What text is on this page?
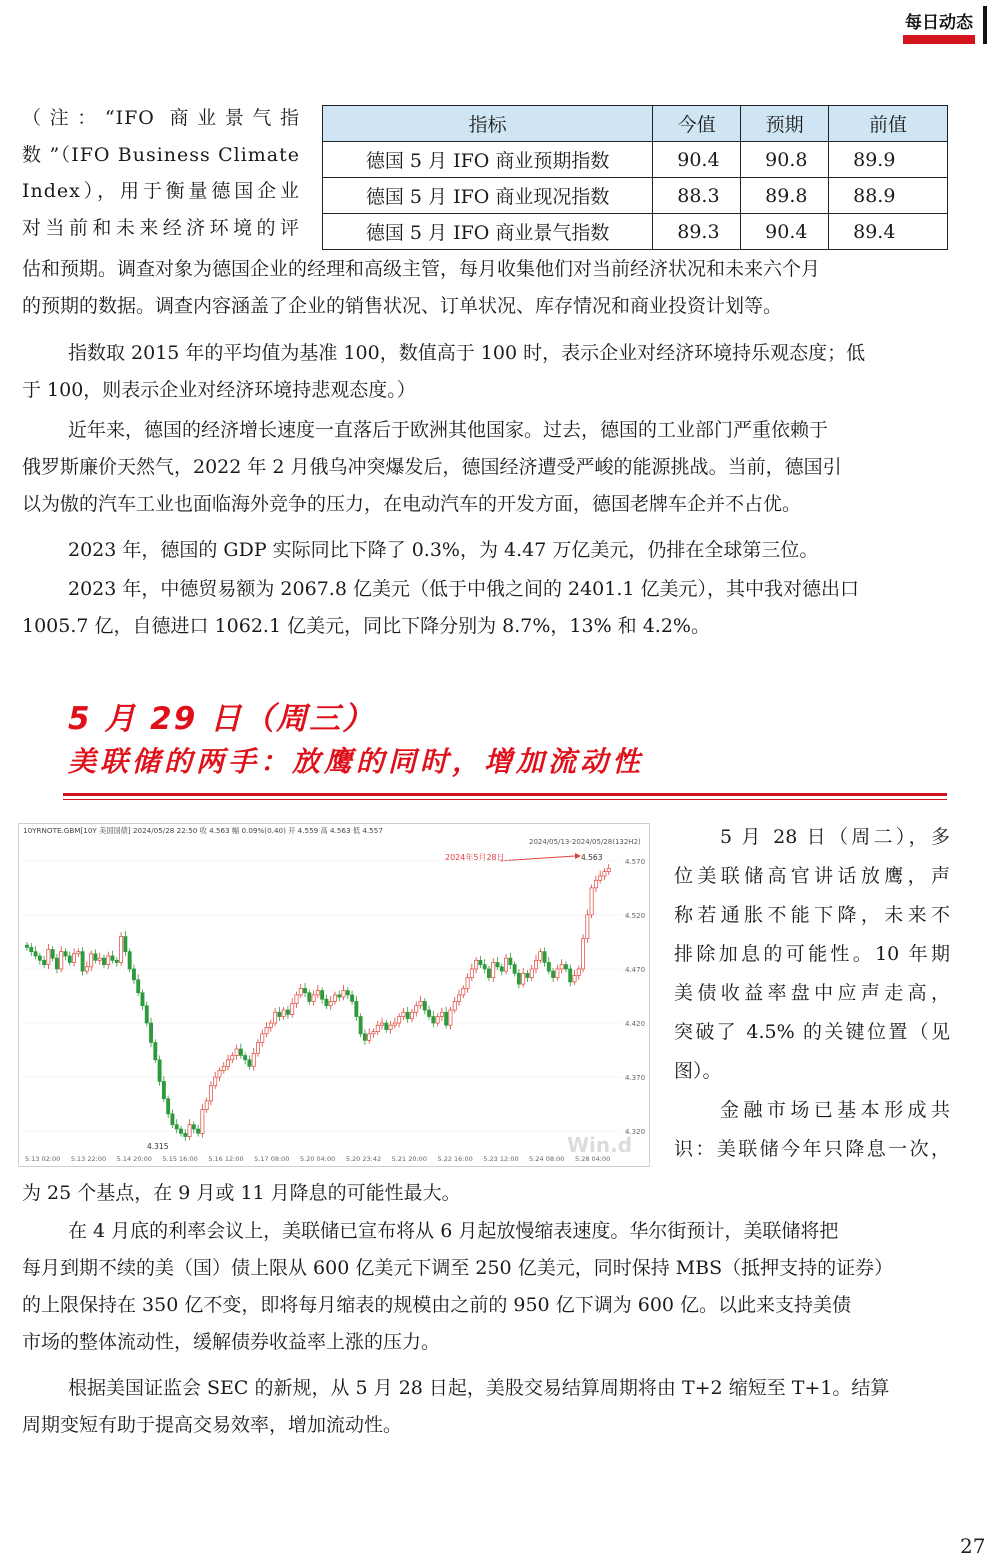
每日动态
（注：“IFO 商业景气指
数 ”（IFO Business Climate
Index），用于衡量德国企业
对当前和未来经济环境的评
指标	今值	预期	前值
德国 5 月 IFO 商业预期指数	90.4	90.8	89.9
德国 5 月 IFO 商业现况指数	88.3	89.8	88.9
德国 5 月 IFO 商业景气指数	89.3	90.4	89.4
估和预期。调查对象为德国企业的经理和高级主管，每月收集他们对当前经济状况和未来六个月
的预期的数据。调查内容涵盖了企业的销售状况、订单状况、库存情况和商业投资计划等。
指数取 2015 年的平均值为基准 100，数值高于 100 时，表示企业对经济环境持乐观态度；低
于 100，则表示企业对经济环境持悲观态度。）
近年来，德国的经济增长速度一直落后于欧洲其他国家。过去，德国的工业部门严重依赖于
俄罗斯廉价天然气，2022 年 2 月俄乌冲突爆发后，德国经济遭受严峻的能源挑战。当前，德国引
以为傲的汽车工业也面临海外竞争的压力，在电动汽车的开发方面，德国老牌车企并不占优。
2023 年，德国的 GDP 实际同比下降了 0.3%，为 4.47 万亿美元，仍排在全球第三位。
2023 年，中德贸易额为 2067.8 亿美元（低于中俄之间的 2401.1 亿美元），其中我对德出口
1005.7 亿，自德进口 1062.1 亿美元，同比下降分别为 8.7%，13% 和 4.2%。
5 月 29 日（周三）
美联储的两手：放鹰的同时，增加流动性
10YRNOTE.GBM[10Y 美国国债] 2024/05/28 22:50 收 4.563 幅 0.09%(0.40) 开 4.559 高 4.563 低 4.557
2024/05/13-2024/05/28(132H2)
2024年5月28日	4.563
4.315	Win.d
4.570
4.520
4.470
4.420
4.370
4.320
5.13 02:00 5.13 22:00 5.14 20:00 5.15 16:00 5.16 12:00 5.17 08:00 5.20 04:00 5.20 23:42 5.21 20:00 5.22 16:00 5.23 12:00 5.24 08:00 5.28 04:00
5 月 28 日（周二），多
位美联储高官讲话放鹰，声
称若通胀不能下降，未来不
排除加息的可能性。10 年期
美债收益率盘中应声走高，
突破了 4.5% 的关键位置（见
图）。
金融市场已基本形成共
识：美联储今年只降息一次，
为 25 个基点，在 9 月或 11 月降息的可能性最大。
在 4 月底的利率会议上，美联储已宣布将从 6 月起放慢缩表速度。华尔街预计，美联储将把
每月到期不续的美（国）债上限从 600 亿美元下调至 250 亿美元，同时保持 MBS（抵押支持的证券）
的上限保持在 350 亿不变，即将每月缩表的规模由之前的 950 亿下调为 600 亿。以此来支持美债
市场的整体流动性，缓解债券收益率上涨的压力。
根据美国证监会 SEC 的新规，从 5 月 28 日起，美股交易结算周期将由 T+2 缩短至 T+1。结算
周期变短有助于提高交易效率，增加流动性。
27
